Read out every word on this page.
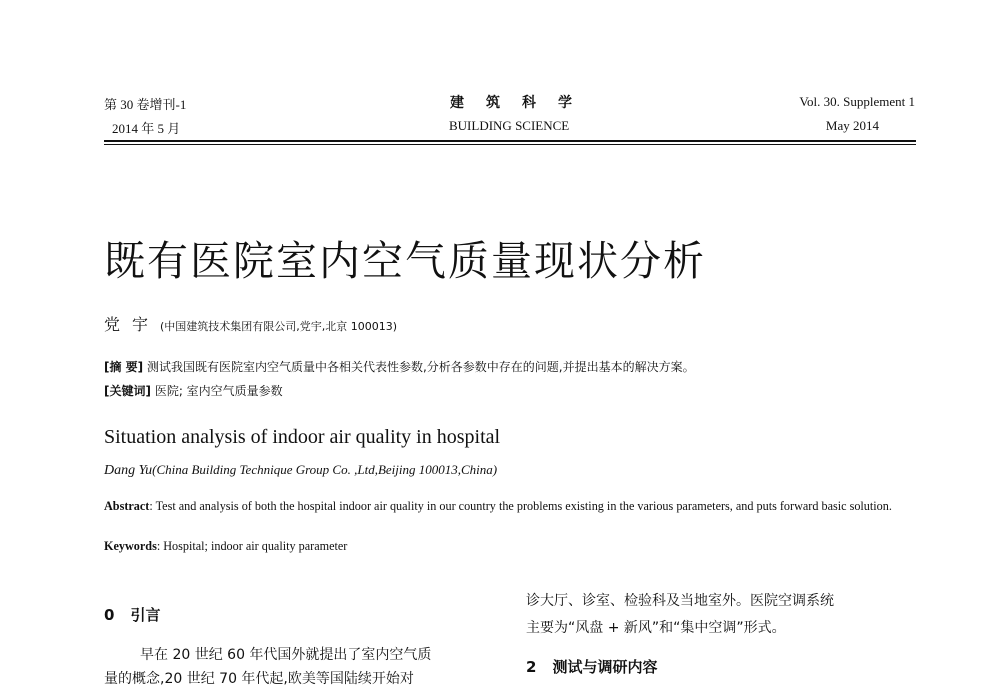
第 30 卷增刊-1
2014 年 5 月
建筑科学
BUILDING SCIENCE
Vol. 30. Supplement 1
May 2014
既有医院室内空气质量现状分析
党宇(中国建筑技术集团有限公司,党宇,北京 100013)
[摘 要] 测试我国既有医院室内空气质量中各相关代表性参数,分析各参数中存在的问题,并提出基本的解决方案。
[关键词] 医院; 室内空气质量参数
Situation analysis of indoor air quality in hospital
Dang Yu(China Building Technique Group Co. ,Ltd,Beijing 100013,China)
Abstract: Test and analysis of both the hospital indoor air quality in our country the problems existing in the various parameters, and puts forward basic solution.
Keywords: Hospital; indoor air quality parameter
0 引言
早在 20 世纪 60 年代国外就提出了室内空气质
量的概念,20 世纪 70 年代起,欧美等国陆续开始对
诊大厅、诊室、检验科及当地室外。医院空调系统
主要为“风盘 + 新风”和“集中空调”形式。
2 测试与调研内容
